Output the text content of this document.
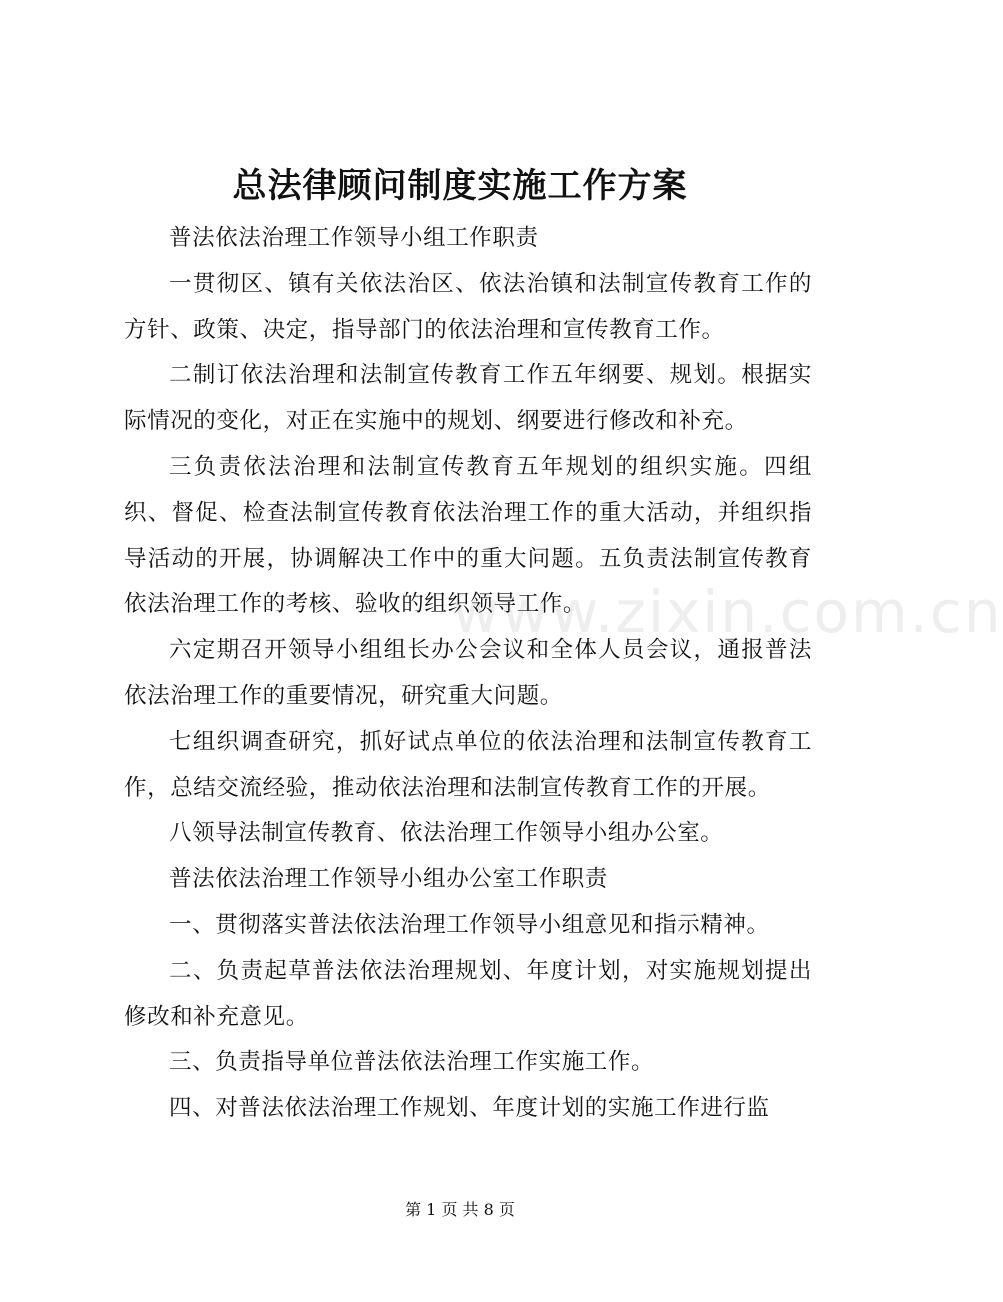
总法律顾问制度实施工作方案

普法依法治理工作领导小组工作职责

一贯彻区、镇有关依法治区、依法治镇和法制宣传教育工作的方针、政策、决定，指导部门的依法治理和宣传教育工作。

二制订依法治理和法制宣传教育工作五年纲要、规划。根据实际情况的变化，对正在实施中的规划、纲要进行修改和补充。

三负责依法治理和法制宣传教育五年规划的组织实施。四组织、督促、检查法制宣传教育依法治理工作的重大活动，并组织指导活动的开展，协调解决工作中的重大问题。五负责法制宣传教育依法治理工作的考核、验收的组织领导工作。

六定期召开领导小组组长办公会议和全体人员会议，通报普法依法治理工作的重要情况，研究重大问题。

七组织调查研究，抓好试点单位的依法治理和法制宣传教育工作，总结交流经验，推动依法治理和法制宣传教育工作的开展。

八领导法制宣传教育、依法治理工作领导小组办公室。

普法依法治理工作领导小组办公室工作职责

一、贯彻落实普法依法治理工作领导小组意见和指示精神。

二、负责起草普法依法治理规划、年度计划，对实施规划提出修改和补充意见。

三、负责指导单位普法依法治理工作实施工作。

四、对普法依法治理工作规划、年度计划的实施工作进行监

www.zixin.com.cn
第 1 页 共 8 页
